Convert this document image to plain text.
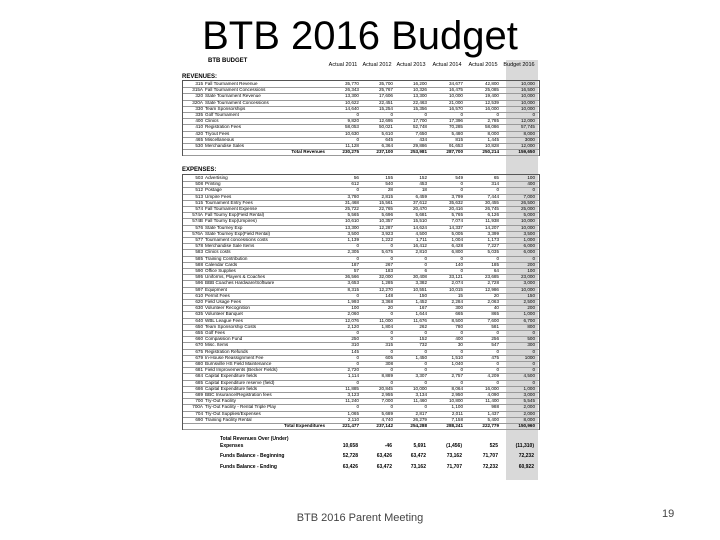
BTB 2016 Budget
BTB BUDGET
Actual 2011 Actual 2012 Actual 2013	Actual 2014	Actual 2015	Budget 2016
REVENUES:
315 Fall Tournament Revenue	35,770	35,700	16,200	34,677	42,800	10,000
315A Fall Tournament Concessions	26,343	25,767	10,326	16,475	25,085	16,500
320 State Tournament Revenue	13,300	17,606	13,300	10,000	19,400	10,000
320A State Tournament Concessions	10,622	22,451	22,463	21,000	12,539	10,000
330 Team Sponsorships	14,640	15,254	15,356	16,570	16,000	10,000
335 Golf Tournament	0	0	0	0	0	0
400 Clinics	9,820	12,695	17,700	17,396	2,785	12,000
410 Registration Fees	58,053	50,021	52,748	70,285	58,086	57,745
420 Tryout Fees	10,630	5,610	7,650	5,480	8,000	8,000
465 Miscellaneous	0	645	434	815	1,445	3000
530 Merchandise Sales	11,128	6,364	29,886	91,653	10,828	12,000
Total Revenues	230,275	237,100	253,981	287,700	250,214	159,650
EXPENSES:
503 Advertising	56	155	152	549	65	100
508 Printing	612	540	453	0	314	400
512 Postage	0	28	18	0	0	0
513 Umpire Fees	3,780	2,815	6,459	3,799	7,444	7,000
515 Tournament Entry Fees	31,468	15,561	37,612	35,632	30,455	26,500
574 Fall Tournament Expense	25,722	22,765	20,470	20,416	26,745	25,000
574A Fall Tourny Exp(Field Rental)	5,565	5,696	5,681	5,765	6,126	5,000
574B Fall Tourny Exp(Umpires)	10,610	10,357	15,510	7,074	11,938	10,000
576 State Tourney Exp	13,300	12,287	14,624	14,337	14,207	10,000
576A State Tourney Exp(Field Rental)	3,500	3,923	4,500	5,005	3,399	3,500
577 Tournament concessions costs	1,139	1,222	1,711	1,004	1,173	1,000
578 Merchandise Sale Items	0	0	16,412	6,428	7,227	6,000
583 Clinics costs	2,305	5,675	2,810	6,800	5,035	6,000
585 Training Contribution	0	0	0	0	0	0
588 Calendar Cards	187	267	0	140	185	200
590 Office Supplies	57	183	6	0	64	100
595 Uniforms, Players & Coaches	36,566	32,000	30,408	33,121	23,685	23,000
596 BBB Coaches Hardware/Software	3,653	1,285	3,382	2,074	2,728	3,000
597 Equipment	8,315	12,270	10,551	10,015	12,986	10,000
610 Permit Fees	0	148	150	15	20	150
620 Field Usage Fees	1,993	3,368	1,452	2,284	2,063	2,500
630 Volunteer Recognition	100	20	167	300	40	200
635 Volunteer Banquet	2,060	0	1,644	665	865	1,000
640 WBL League Fees	12,076	11,000	11,676	8,500	7,600	6,700
650 Team Sponsorship Costs	2,120	1,804	262	780	581	800
655 Golf Fees	0	0	0	0	0	0
660 Compassion Fund	250	0	152	400	256	500
670 Misc. Items	310	315	732	30	547	300
675 Registration Refunds	145	0	0	0	0	0
679 In-House Reassignment Fee	0	605	1,450	1,510	475	1000
680 Burnsville HS Field Maintenance	0	308	0	1,040	0	0
681 Field Improvements (Becker Fields)	2,720	0	0	0	0	0
684 Capital Expenditure fields	1,114	8,889	3,307	2,757	4,209	4,500
685 Capital Expenditure reserve (field)	0	0	0	0	0	0
686 Capital Expenditure fields	11,885	20,845	10,000	8,064	16,000	1,000
689 BBC Insurance/Registration fees	3,123	2,955	3,134	2,950	4,090	3,000
700 Try-Out Facility	11,240	7,000	11,460	10,800	11,400	5,545
700A Try-Out Facility - Rental Triple Play	0	0	0	1,100	988	2,000
704 Try-Out Supplies/Expenses	1,065	5,689	2,817	2,011	1,437	2,000
690 Training Facility Rental	2,110	4,740	26,279	7,158	5,400	8,000
Total Expenditures	221,477	237,142	254,288	288,241	222,779	150,960
Total Revenues Over (Under)
Expenses	10,658	-46	5,691	(1,456)	525	(11,310)
Funds Balance - Beginning	52,728	63,426	63,472	73,162	71,707	72,232
Funds Balance - Ending	63,426	63,472	73,162	71,707	72,232	60,922
BTB 2016 Parent Meeting	19
